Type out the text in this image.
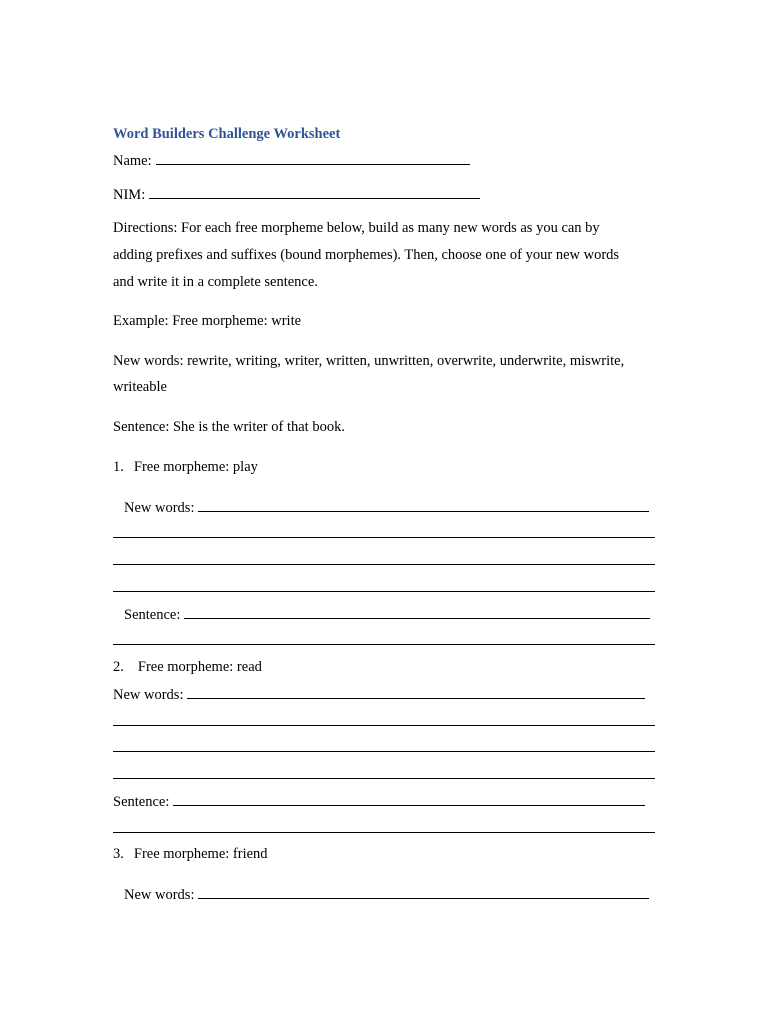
Word Builders Challenge Worksheet
Name:
NIM:
Directions: For each free morpheme below, build as many new words as you can by
adding prefixes and suffixes (bound morphemes). Then, choose one of your new words
and write it in a complete sentence.
Example: Free morpheme: write
New words: rewrite, writing, writer, written, unwritten, overwrite, underwrite, miswrite,
writeable
Sentence: She is the writer of that book.
1. Free morpheme: play
New words:
Sentence:
2. Free morpheme: read
New words:
Sentence:
3. Free morpheme: friend
New words:
